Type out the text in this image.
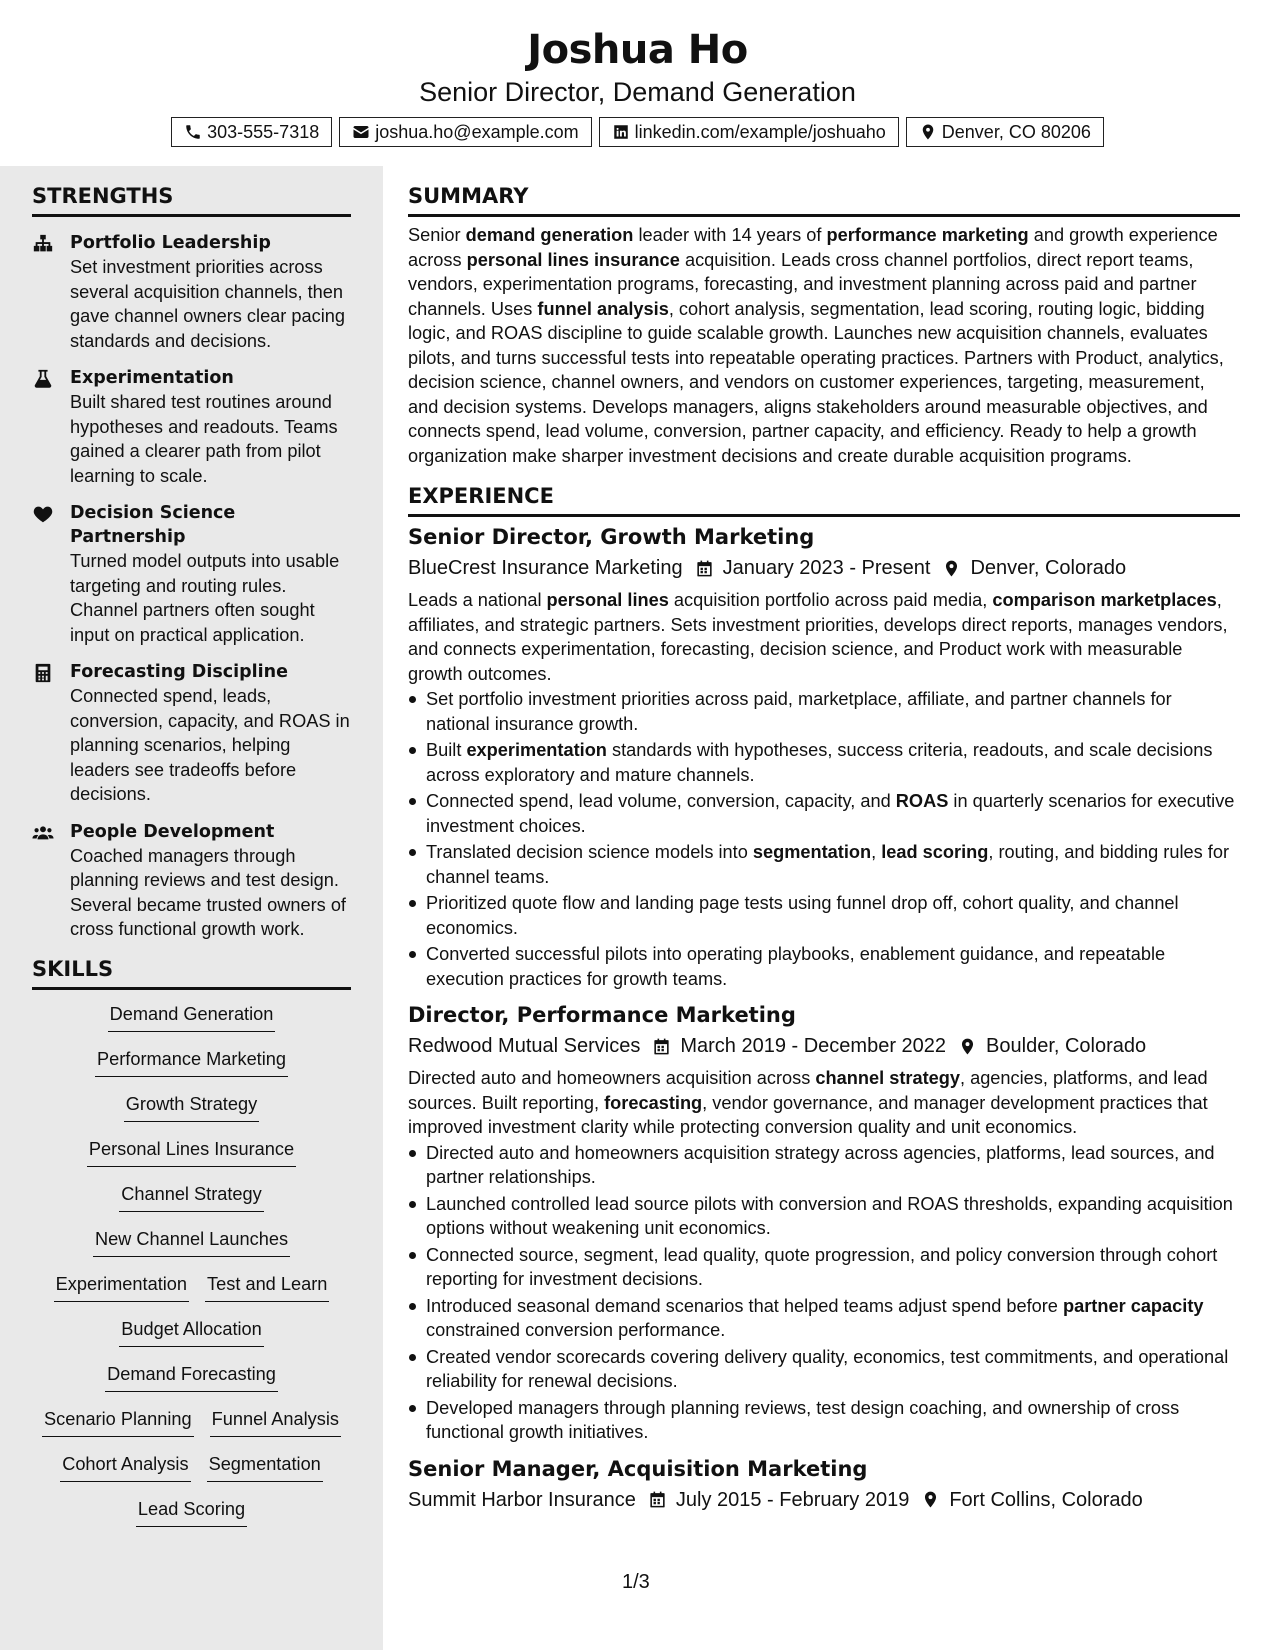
Joshua Ho
Senior Director, Demand Generation
303-555-7318	joshua.ho@example.com	linkedin.com/example/joshuaho	Denver, CO 80206
STRENGTHS
Portfolio Leadership
Set investment priorities across several acquisition channels, then gave channel owners clear pacing standards and decisions.
Experimentation
Built shared test routines around hypotheses and readouts. Teams gained a clearer path from pilot learning to scale.
Decision Science Partnership
Turned model outputs into usable targeting and routing rules. Channel partners often sought input on practical application.
Forecasting Discipline
Connected spend, leads, conversion, capacity, and ROAS in planning scenarios, helping leaders see tradeoffs before decisions.
People Development
Coached managers through planning reviews and test design. Several became trusted owners of cross functional growth work.
SKILLS
Demand Generation
Performance Marketing
Growth Strategy
Personal Lines Insurance
Channel Strategy
New Channel Launches
Experimentation Test and Learn
Budget Allocation
Demand Forecasting
Scenario Planning Funnel Analysis
Cohort Analysis Segmentation
Lead Scoring
SUMMARY
Senior demand generation leader with 14 years of performance marketing and growth experience across personal lines insurance acquisition. Leads cross channel portfolios, direct report teams, vendors, experimentation programs, forecasting, and investment planning across paid and partner channels. Uses funnel analysis, cohort analysis, segmentation, lead scoring, routing logic, bidding logic, and ROAS discipline to guide scalable growth. Launches new acquisition channels, evaluates pilots, and turns successful tests into repeatable operating practices. Partners with Product, analytics, decision science, channel owners, and vendors on customer experiences, targeting, measurement, and decision systems. Develops managers, aligns stakeholders around measurable objectives, and connects spend, lead volume, conversion, partner capacity, and efficiency. Ready to help a growth organization make sharper investment decisions and create durable acquisition programs.
EXPERIENCE
Senior Director, Growth Marketing
BlueCrest Insurance Marketing January 2023 - Present Denver, Colorado
Leads a national personal lines acquisition portfolio across paid media, comparison marketplaces, affiliates, and strategic partners. Sets investment priorities, develops direct reports, manages vendors, and connects experimentation, forecasting, decision science, and Product work with measurable growth outcomes.
Set portfolio investment priorities across paid, marketplace, affiliate, and partner channels for national insurance growth.
Built experimentation standards with hypotheses, success criteria, readouts, and scale decisions across exploratory and mature channels.
Connected spend, lead volume, conversion, capacity, and ROAS in quarterly scenarios for executive investment choices.
Translated decision science models into segmentation, lead scoring, routing, and bidding rules for channel teams.
Prioritized quote flow and landing page tests using funnel drop off, cohort quality, and channel economics.
Converted successful pilots into operating playbooks, enablement guidance, and repeatable execution practices for growth teams.
Director, Performance Marketing
Redwood Mutual Services March 2019 - December 2022 Boulder, Colorado
Directed auto and homeowners acquisition across channel strategy, agencies, platforms, and lead sources. Built reporting, forecasting, vendor governance, and manager development practices that improved investment clarity while protecting conversion quality and unit economics.
Directed auto and homeowners acquisition strategy across agencies, platforms, lead sources, and partner relationships.
Launched controlled lead source pilots with conversion and ROAS thresholds, expanding acquisition options without weakening unit economics.
Connected source, segment, lead quality, quote progression, and policy conversion through cohort reporting for investment decisions.
Introduced seasonal demand scenarios that helped teams adjust spend before partner capacity constrained conversion performance.
Created vendor scorecards covering delivery quality, economics, test commitments, and operational reliability for renewal decisions.
Developed managers through planning reviews, test design coaching, and ownership of cross functional growth initiatives.
Senior Manager, Acquisition Marketing
Summit Harbor Insurance July 2015 - February 2019 Fort Collins, Colorado
1/3
